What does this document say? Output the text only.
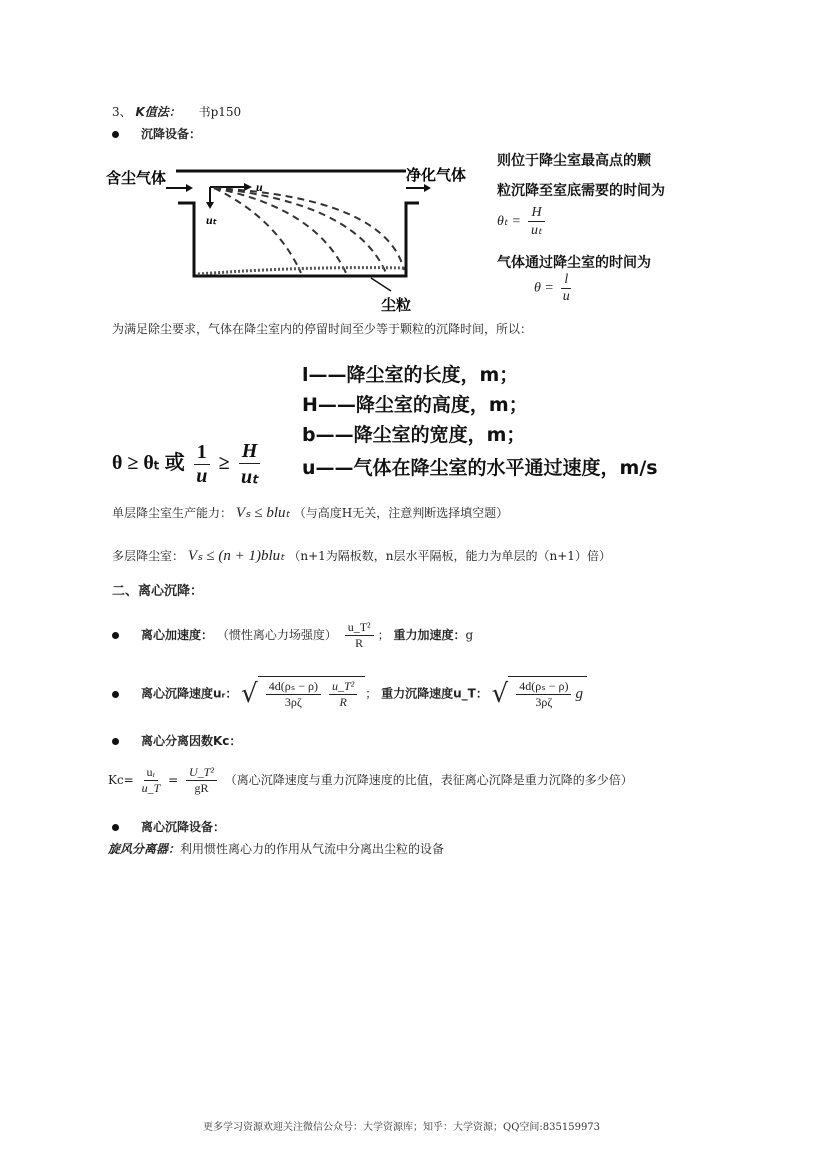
3、 K值法： 书p150
沉降设备：
含尘气体	净化气体
u
uₜ
尘粒
则位于降尘室最高点的颗
粒沉降至室底需要的时间为
$\theta_t = \frac{H}{\text{uₜ}}$
气体通过降尘室的时间为
$\theta = \frac{l}{u}$
为满足除尘要求，气体在降尘室内的停留时间至少等于颗粒的沉降时间，所以：
θ ≥ θₜ 或 $\frac{1}{u} \ge \frac{H}{\text{uₜ}}$
l——降尘室的长度，m；
H——降尘室的高度，m；
b——降尘室的宽度，m；
u——气体在降尘室的水平通过速度，m/s
单层降尘室生产能力： Vₛ ≤ bluₜ （与高度H无关，注意判断选择填空题）
多层降尘室： Vₛ ≤ (n + 1)bluₜ （n+1为隔板数，n层水平隔板，能力为单层的（n+1）倍）
二、离心沉降：
离心加速度： （惯性离心力场强度） $\frac{\text{u\_T²}}{R}$ ； 重力加速度：g
离心沉降速度uᵣ： √ $\frac{\text{4d(ρₛ − ρ)}}{3\rho\zeta} \frac{\text{u\_T²}}{R}$ ； 重力沉降速度u_T： √ $\frac{\text{4d(ρₛ − ρ)}}{3\rho\zeta}$ g
离心分离因数Kc：
$Kc= \frac{\text{uᵣ}}{u\_T} = \frac{\text{U\_T²}}{gR}$ （离心沉降速度与重力沉降速度的比值，表征离心沉降是重力沉降的多少倍）
离心沉降设备：
旋风分离器：利用惯性离心力的作用从气流中分离出尘粒的设备
更多学习资源欢迎关注微信公众号：大学资源库；知乎：大学资源；QQ空间:835159973
